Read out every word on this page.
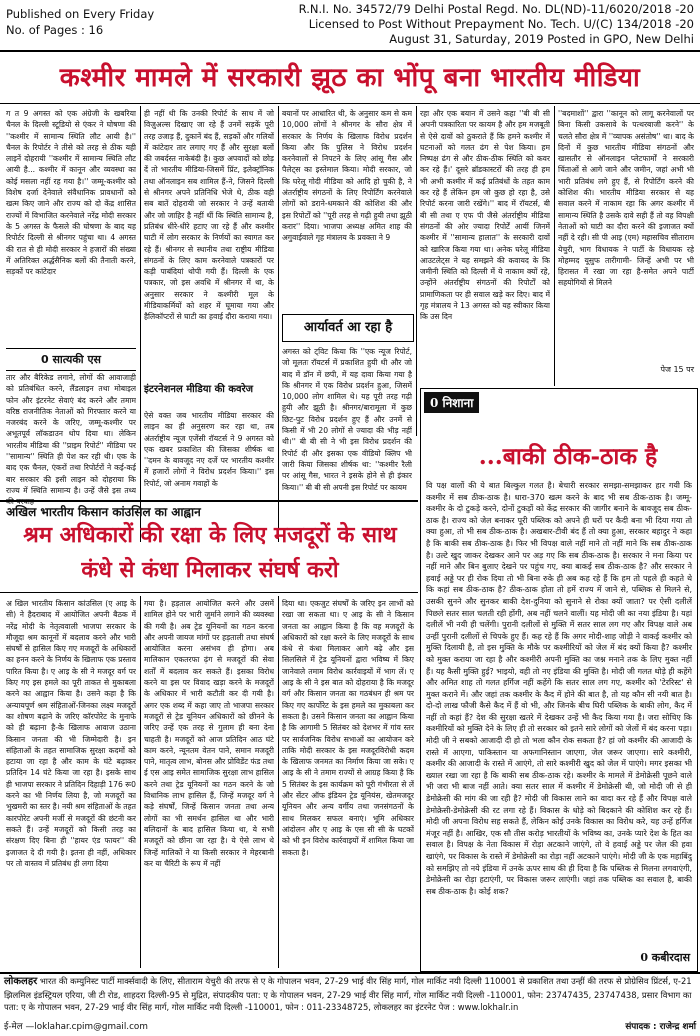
Published on Every Friday
No. of Pages : 16
R.N.I. No. 34572/79 Delhi Postal Regd. No. DL(ND)-11/6020/2018 -20
Licensed to Post Without Prepayment No. Tech. U/(C) 134/2018 -20
August 31, Saturday, 2019 Posted in GPO, New Delhi
कश्मीर मामले में सरकारी झूठ का भोंपू बना भारतीय मीडिया

ग त 9 अगस्त को एक अंग्रेजी के खबरिया चैनल के दिल्ली स्टूडियो से एंकर ने घोषणा की ''कश्मीर में सामान्य स्थिति लौट आयी है।'' चैनल के रिपोर्टर ने तीसे को तरह से ठीक यही लाइनें दोहरायी ''कश्मीर में सामान्य स्थिति लौट आयी है... कश्मीर में कानून और व्यवस्था का कोई मसला नहीं रह गया है।'' जम्मू-कश्मीर को विशेष दर्जा देनेवाले संवैधानिक प्रावधानों को खत्म किए जाने और राज्य को दो केंद्र शासित राज्यों में विभाजित करनेवाले नरेंद्र मोदी सरकार के 5 अगस्त के फैसले की घोषणा के बाद यह रिपोर्टर दिल्ली से श्रीनगर पहुंचा था। 4 अगस्त की रात से ही मोदी सरकार ने हजारों की संख्या में अतिरिक्त अर्द्धसैनिक बलों की तैनाती करने, सड़कों पर कांटेदार

0 सात्यकी एस

तार और बैरिकेड लगाने, लोगों की आवाजाही को प्रतिबंधित करने, लैंडलाइन तथा मोबाइल फोन और इंटरनेट सेवाएं बंद करने और तमाम वरिष्ठ राजनीतिक नेताओं को गिरफ्तार करने या नजरबंद करने के जरिए, जम्मू-कश्मीर पर अभूतपूर्व लॉकडाउन थोप दिया था। लेकिन भारतीय मीडिया की ''प्राइम रिपोर्ट'' मीडिया पर ''सामान्य'' स्थिति ही पेश कर रही थी। एक के बाद एक चैनल, एंकरों तथा रिपोर्टरों ने कई-कई बार सरकार की इसी लाइन को दोहराया कि राज्य में स्थिति सामान्य है। उन्हें जैसे इस तथ्य

ही नहीं थी कि उनकी रिपोर्ट के साथ में जो विज़ुअल्स दिखाए जा रहे हैं उनमें सड़कें पूरी तरह उजाड़ हैं, दुकानें बंद हैं, सड़कों और गलियों में कांटेदार तार लगाए गए हैं और सुरक्षा बलों की जबर्दस्त नाकेबंदी है। कुछ अपवादों को छोड़ दें तो भारतीय मीडिया-जिसमें प्रिंट, इलेक्ट्रॉनिक तथा ऑनलाइन सब शामिल हैं-ने, जिसने दिल्ली से श्रीनगर अपने प्रतिनिधि भेजे थे, ठीक वही सब बातें दोहरायी जो सरकार ने उन्हें बतायी और जो जाहिर है नहीं थीं कि स्थिति सामान्य है, प्रतिबंध धीरे-धीरे हटाए जा रहे हैं और कश्मीर घाटी में लोग सरकार के निर्णयों का स्वागत कर रहे हैं। श्रीनगर से स्थानीय तथा राष्ट्रीय मीडिया संगठनों के लिए काम करनेवाले पत्रकारों पर कड़ी पाबंदियां थोपी गयी हैं। दिल्ली के एक पत्रकार, जो इस अवधि में श्रीनगर में था, के अनुसार सरकार ने कश्मीरी मूल के मीडियाकर्मियों को शहर में घूमाया गया और हैलिकॉप्टरों से घाटी का हवाई दौरा कराया गया।

इंटरनेशनल मीडिया की कवरेज

ऐसे वक्त जब भारतीय मीडिया सरकार की लाइन का ही अनुसरण कर रहा था, तब अंतर्राष्ट्रीय न्यूज एजेंसी रॉयटर्स ने 9 अगस्त को एक खबर प्रकाशित की जिसका शीर्षक था ''दमन के बावजूद नए दर्जे पर भारतीय कश्मीर में हजारों लोगों ने विरोध प्रदर्शन किया।'' इस रिपोर्ट, जो अनाम गवाहों के

बयानों पर आधारित थी, के अनुसार कम से कम 10,000 लोगों ने श्रीनगर के सौरा क्षेत्र में सरकार के निर्णय के खिलाफ विरोध प्रदर्शन किया और कि पुलिस ने विरोध प्रदर्शन करनेवालों से निपटने के लिए आंसू गैस और पैलेट्स का इस्तेमाल किया। मोदी सरकार, जो कि घरेलू गोदी मीडिया को आदि हो चुकी है, ने अंतर्राष्ट्रीय संगठनों के लिए रिपोर्टिंग करनेवाले लोगों को डराने-धमकाने की कोशिश की और इस रिपोर्टों को ''पूरी तरह से गढ़ी हुयी तथा झूठी करार'' दिया। भाजपा अध्यक्ष अमित शाह की अगुवाईवाले गृह मंत्रालय के प्रवक्ता ने 9

आर्यावर्त आ रहा है

अगस्त को ट्विट किया कि ''एक न्यूज रिपोर्ट, जो मूलतः रॉयटर्स में प्रकाशित हुयी थी और जो बाद में डॉन में छपी, में यह दावा किया गया है कि श्रीनगर में एक विरोध प्रदर्शन हुआ, जिसमें 10,000 लोग शामिल थे। यह पूरी तरह गढ़ी हुयी और झूठी है। श्रीनगर/बारामूला में कुछ छिट-पुट विरोध प्रदर्शन हुए हैं और उनमें से किसी में भी 20 लोगों से ज्यादा की भीड़ नहीं थी।'' बी बी सी ने भी इस विरोध प्रदर्शन की रिपोर्ट दी और इसका एक वीडियो क्लिप भी जारी किया जिसका शीर्षक था: ''कश्मीर रैली पर आंसू गैस, भारत ने इसके होने से ही इंकार किया।'' बी बी सी अपनी इस रिपोर्ट पर कायम

रहा और एक बयान में उसने कहा ''बी बी सी अपनी पत्रकारिता पर कायम है और हम मजबूती से ऐसे दावों को ठुकराते हैं कि हमने कश्मीर में घटनाओं को गलत ढंग से पेश किया। हम निष्पक्ष ढंग से और ठीक-ठीक स्थिति को कवर कर रहे हैं।' दूसरे ब्रॉडकास्टरों की तरह ही हम भी अभी कश्मीर में कई प्रतिबंधों के तहत काम कर रहे हैं लेकिन हम जो कुछ हो रहा है, उसे रिपोर्ट करना जारी रखेंगे।'' बाद में रॉयटर्स, बी बी सी तथा ए एफ पी जैसे अंतर्राष्ट्रीय मीडिया संगठनों की ओर ज्यादा रिपोर्टें आयीं जिनमें कश्मीर में ''सामान्य हालात'' के सरकारी दावों को खारिज किया गया था। अनेक घरेलू मीडिया आउटलेट्स ने यह समझने की कवायद के कि जमीनी स्थिति को दिल्ली में ये नाकाम क्यों रहे, उन्होंने अंतर्राष्ट्रीय संगठनों की रिपोर्टों को प्रामाणिकता पर ही सवाल खड़े कर दिए। बाद में गृह मंत्रालय ने 13 अगस्त को यह स्वीकार किया कि उस दिन

''बदमाशों'' द्वारा ''कानून को लागू करनेवालों पर बिना किसी उकसावे के पत्थरबाजी करने'' के चलते सौरा क्षेत्र में ''व्यापक असंतोष'' था। बाद के दिनों में कुछ भारतीय मीडिया संगठनों और खासतौर से ऑनलाइन प्लेटफार्मों ने सरकारी चिंताओं से आगे जाने और जमीन, जहां अभी भी भारी प्रतिबंध लगे हुए हैं, से रिपोर्टिंग करने की कोशिश की। भारतीय मीडिया सरकार से यह सवाल करने में नाकाम रहा कि अगर कश्मीर में सामान्य स्थिति है उसके दावे सही हैं तो वह विपक्षी नेताओं को घाटी का दौरा करने की इजाजत क्यों नहीं दे रही। सी पी आइ (एम) महासचिव सीताराम येचुरी, भाग विधायक ने पार्टी के विधायक रहे मोहम्मद यूसुफ तारीगामी- जिन्हें अभी पर भी हिरासत में रखा जा रहा है-समेत अपने पार्टी सहयोगियों से मिलने

पेज 15 पर
0 निशाना
...बाकी ठीक-ठाक है

वि पक्ष वालों की ये बात बिल्कुल गलत है। बेचारी सरकार समझा-समझाकर हार गयी कि कश्मीर में सब ठीक-ठाक है। धारा-370 खत्म करने के बाद भी सब ठीक-ठाक है। जम्मू-कश्मीर के दो टुकड़े करने, दोनों टुकड़ों को केंद्र सरकार की जागीर बनाने के बावजूद सब ठीक-ठाक है। राज्य को जेल बनाकर पूरी पब्लिक को अपने ही घरों पर कैदी बना भी दिया गया तो क्या हुआ, तो भी सब ठीक-ठाक है। अखबार-टीवी बंद हैं तो क्या हुआ, सरकार बहादुर ने कहा है कि बाकी सब ठीक-ठाक है। फिर भी विपक्ष वाले नहीं माने तो नहीं माने कि सब ठीक-ठाक है। उल्टे खुद जाकर देखकर आने पर अड़ गए कि सब ठीक-ठाक है। सरकार ने मना किया पर नहीं माने और बिन बुलाए देखने पर पहुंच गए, क्या बाकई सब ठीक-ठाक है? और सरकार ने हवाई अड्डे पर ही रोक दिया तो भी बिना रुके ही अब कह रहे हैं कि हम तो पहले ही कहते थे कि कहां सब ठीक-ठाक है? ठीक-ठाक होता तो हमें राज्य में जाने से, पब्लिक से मिलने से, उसकी सुनने और सुनकर बाकी देश-दुनिया को सुनाने से रोका क्यों जाता? पर ऐसी दलीलें पिछले सतर साल चलती रही होंगी, अब नहीं चलने वालीं। यह मोदी जी का नया इंडिया है। यहां दलीलें भी नयी ही चलेंगी। पुरानी दलीलों से मुक्ति में सतर साल लग गए और विपक्ष वाले अब उन्हीं पुरानी दलीलों से चिपके हुए हैं। कह रहे हैं कि अगर मोदी-शाह जोड़ी ने वाकई कश्मीर को मुक्ति दिलायी है, तो इस मुक्ति के मौके पर कश्मीरियों को जेल में बंद क्यों किया है? कश्मीर को मुक्त कराया जा रहा है और कश्मीरी अपनी मुक्ति का जश्न मनाने तक के लिए मुक्त नहीं हैं। यह कैसी मुक्ति हुई? भाइयो, वही तो नए इंडिया की मुक्ति है। मोदी जी गलत थोड़े ही कहेंगे और अमित शाह तो गलत हर्गिज नहीं कहेंगे कि सतर साल लग गए, कश्मीर को 'टेररिस्ट' से मुक्त कराने में। और जहां तक कश्मीर के कैद में होने की बात है, तो यह कौन सी नयी बात है। दो-दो लाख फौजी कैसे कैद में हैं वो भी, और जिनके बीच घिरी पब्लिक के बाकी लोग, कैद में नहीं तो कहां हैं? देश की सुरक्षा खतरे में देखकर उन्हें भी कैद किया गया है। जरा सोचिए कि कश्मीरियों को मुक्ति देने के लिए ही तो सरकार को इतने सारे लोगों को जेलों में बंद करना पड़ा। मोदी जी ने सबको आजादी दी हो तो भला कौन रोक सकता है? हां जो कश्मीर की आजादी के रास्ते में आएगा, पाकिस्तान या अफगानिस्तान जाएगा, जेल जरूर जाएगा। सारे कश्मीरी, कश्मीर की आजादी के रास्ते में आएंगे, तो सारे कश्मीरी खुद को जेल में पाएंगे। मगर इसका भी ख्याल रखा जा रहा है कि बाकी सब ठीक-ठाक रहे। कश्मीर के मामले में डेमोक्रेसी पूछने वाले भी जरा भी बाज नहीं आते। क्या सतर साल में कश्मीर में डेमोक्रेसी थी, जो मोदी जी से ही डेमोक्रेसी की मांग की जा रही है? मोदी जी विकास लाने का वादा कर रहे हैं और विपक्ष वाले डेमोक्रेसी-डेमोक्रेसी की रट लगा रहे हैं। विकास के धोड़े को बिदकाने की कोशिश कर रहे हैं। मोदी जी अपना विरोध सह सकते हैं, लेकिन कोई उनके विकास का विरोध करे, यह उन्हें हर्गिज मंजूर नहीं है। आखिर, एक सौ तीस करोड़ भारतीयों के भविष्य का, उनके प्यारे देश के हित का सवाल है। विपक्ष के नेता विकास में रोड़ा अटकाने जाएंगे, तो वे हवाई अड्डे पर जेल की हवा खाएंगे, पर विकास के रास्ते में डेमोक्रेसी का रोड़ा नहीं अटकाने पाएंगे। मोदी जी के एक महाबिंदु को समझिए तो नये इंडिया में उनके ऊपर साथ की ही दिया है कि पब्लिक से मिलना लगवाएंगी, डेमोक्रेसी का रोड़ा हटाएंगी, पर विकास जरूर लाएंगी। जहां तक पब्लिक का सवाल है, बाकी सब ठीक-ठाक है। कोई शक?

0 कबीरदास
अखिल भारतीय किसान कांउसिल का आह्वान
श्रम अधिकारों की रक्षा के लिए मजदूरों के साथ
कंधे से कंधा मिलाकर संघर्ष करो

अ खिल भारतीय किसान कांउसिल (ए आइ के सी) ने हैदराबाद में आयोजित अपनी बैठक में नरेंद्र मोदी के नेतृत्ववाली भाजपा सरकार के मौजूदा श्रम कानूनों में बदलाव करने और भारी संघर्षों से हासिल किए गए मजदूरों के अधिकारों का हनन करने के निर्णय के खिलाफ एक प्रस्ताव पारित किया है। ए आइ के सी ने मजदूर वर्ग पर किए गए इस हमले का पूरी ताकत से मुकाबला करने का आह्वान किया है। उसने कहा है कि अन्यायपूर्ण श्रम संहिताओं-जिनका लक्ष्य मजदूरों का शोषण बढ़ाने के जरिए कॉरपोरेट के मुनाफे को ही बढ़ाना है-के खिलाफ आवाज उठाना किसान जनता की भी जिम्मेदारी है। इन संहिताओं के तहत सामाजिक सुरक्षा कदमों को हटाया जा रहा है और काम के घंटे बढ़ाकर प्रतिदिन 14 घंटे किया जा रहा है। इसके साथ ही भाजपा सरकार ने प्रतिदिन दिहाड़ी 176 रू0 करने का भी निर्णय लिया है, जो मजदूरों का भुखमरी का स्तर है। नयी श्रम संहिताओं के तहत कारपोरेट अपनी मर्जी से मजदूरों की छंटनी कर सकते हैं। उन्हें मजदूरों को किसी तरह का संरक्षण दिए बिना ही ''हायर एंड फायर'' की इजाजत दे दी गयी है। इतना ही नहीं, अधिकार पर तो वास्तव में प्रतिबंध ही लगा दिया

गया है। हड़ताल आयोजित करने और उसमें शामिल होने पर भारी जुर्माने लगाने की व्यवस्था की गयी है। अब ट्रेड यूनियनों का गठन करना और अपनी जायज मांगों पर हड़ताली तथा संघर्ष आयोजित करना असंभव ही होगा। अब मालिकान एकतरफा ढ़ंग से मजदूरों की सेवा शर्तों में बदलाव कर सकते हैं। इसका विरोध करने या इस पर विवाद खड़ा करने के मजदूरों के अधिकार में भारी कटौती कर दी गयी है। अगर एक शब्द में कहा जाए तो भाजपा सरकार मजदूरों से ट्रेड यूनियन अधिकारों को छीनने के जरिए उन्हें एक तरह से गुलाम ही बना देना चाहती है। मजदूरों को आज प्रतिदिन आठ घंटे काम करने, न्यूनतम वेतन पाने, समान मजदूरी पाने, मातृत्व लाभ, बोनस और प्रोविडेंट फंड तथा ई एस आइ समेत सामाजिक सुरक्षा लाभ हासिल करने तथा ट्रेड यूनियनों का गठन करने के जो विधानिक लाभ हासिल हैं, जिन्हें मजदूर वर्ग ने कड़े संघर्षों, जिन्हें किसान जनता तथा अन्य लोगों का भी समर्थन हासिल था और भारी बलिदानों के बाद हासिल किया था, ये सभी मजदूरों को छीना जा रहा है। ये ऐसे लाभ थे जिन्हें मालिकों ने या किसी सरकार ने मेहरबानी कर या चैरिटी के रूप में नहीं

दिया था। एकजुट संघर्षों के जरिए इन लाभों को रखा जा सकता था। ए आइ के सी ने किसान जनता का आह्वान किया है कि वह मजदूरों के अधिकारों को रक्षा करने के लिए मजदूरों के साथ कंधे से कंधा मिलाकर आगे बढ़े और इस सिलसिले में ट्रेड यूनियनों द्वारा भविष्य में किए जानेवाले तमाम विरोध कार्रवाइयों में भाग लें। ए आइ के सी ने इस बात को दोहराया है कि मजदूर वर्ग और किसान जनता का गठबंधन ही श्रम पर किए गए कार्पोरेट के इस हमले का मुकाबला कर सकता है। उसने किसान जनता का आह्वान किया है कि आगामी 5 सितंबर को देशभर में गांव स्तर पर सार्वजनिक विरोध सभाओं का आयोजन करे ताकि मोदी सरकार के इस मजदूरविरोधी कदम के खिलाफ जनमत का निर्माण किया जा सके। ए आइ के सी ने तमाम राज्यों से आग्रह किया है कि 5 सितंबर के इस कार्यक्रम को पूरी गंभीरता से लें और सेंटर ऑफ इंडियन ट्रेड यूनियंस, खेतमजदूर यूनियन और अन्य वर्गीय तथा जनसंगठनों के साथ मिलकर सफल बनाएं। भूमि अधिकार आंदोलन और ए आइ के एस सी सी के घटकों को भी इन विरोध कार्रवाइयों में शामिल किया जा सकता है।

लोकलहर भारत की कम्युनिस्ट पार्टी मार्क्सवादी के लिए, सीताराम येचुरी की तरफ से ए के गोपालन भवन, 27-29 भाई वीर सिंह मार्ग, गोल मार्किट नयी दिल्ली 110001 से प्रकाशित तथा उन्हीं की तरफ से प्रोग्रेसिव प्रिंटर्स, ए-21 झिलमिल इंडस्ट्रियल एरिया, जी टी रोड, शाहदरा दिल्ली-95 से मुद्रित, संपादकीय पता: ए के गोपालन भवन, 27-29 भाई वीर सिंह मार्ग, गोल मार्किट नयी दिल्ली -110001, फोन: 23747435, 23747438, प्रसार विभाग का पता: ए के गोपालन भवन, 27-29 भाई वीर सिंह मार्ग, गोल मार्किट नयी दिल्ली -110001, फोन : 011-23348725, लोकलहर का इंटरनेट पेज : www.lokhalr.in
ई-मेल —loklahar.cpim@gmail.com	संपादक : राजेन्द्र शर्मा
